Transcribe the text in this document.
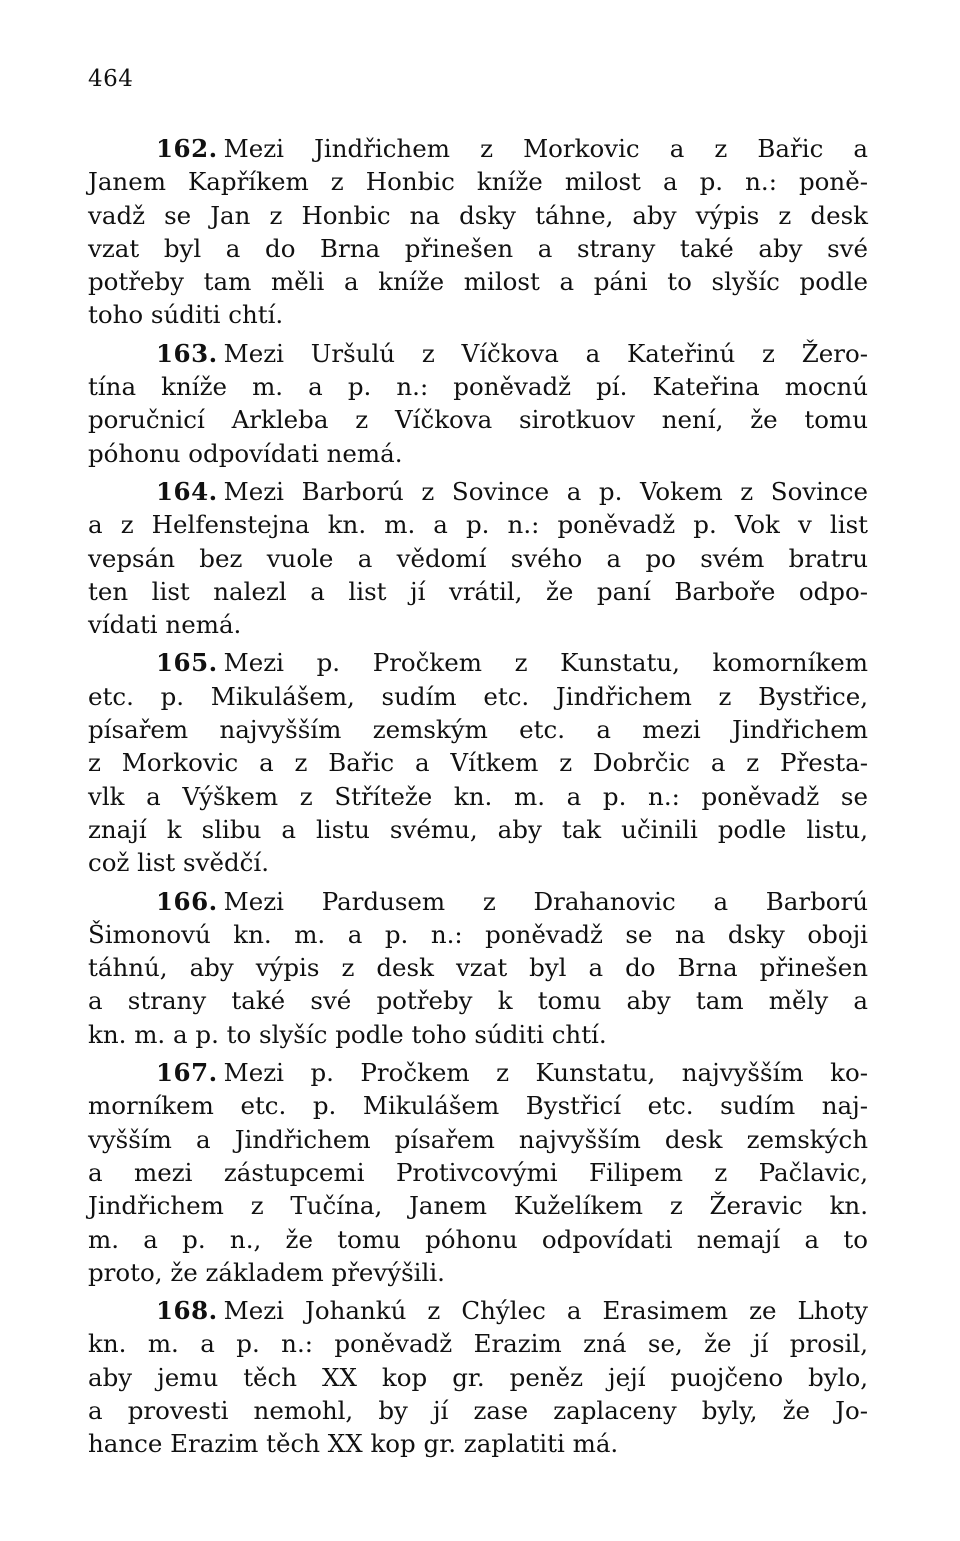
464
162. Mezi Jindřichem z Morkovic a z Bařic a
Janem Kapříkem z Honbic kníže milost a p. n.: poně-
vadž se Jan z Honbic na dsky táhne, aby výpis z desk
vzat byl a do Brna přinešen a strany také aby své
potřeby tam měli a kníže milost a páni to slyšíc podle
toho súditi chtí.
163. Mezi Uršulú z Víčkova a Kateřinú z Žero-
tína kníže m. a p. n.: poněvadž pí. Kateřina mocnú
poručnicí Arkleba z Víčkova sirotkuov není, že tomu
póhonu odpovídati nemá.
164. Mezi Barború z Sovince a p. Vokem z Sovince
a z Helfenstejna kn. m. a p. n.: poněvadž p. Vok v list
vepsán bez vuole a vědomí svého a po svém bratru
ten list nalezl a list jí vrátil, že paní Barboře odpo-
vídati nemá.
165. Mezi p. Pročkem z Kunstatu, komorníkem
etc. p. Mikulášem, sudím etc. Jindřichem z Bystřice,
písařem najvyšším zemským etc. a mezi Jindřichem
z Morkovic a z Bařic a Vítkem z Dobrčic a z Přesta-
vlk a Výškem z Stříteže kn. m. a p. n.: poněvadž se
znají k slibu a listu svému, aby tak učinili podle listu,
což list svědčí.
166. Mezi Pardusem z Drahanovic a Barború
Šimonovú kn. m. a p. n.: poněvadž se na dsky oboji
táhnú, aby výpis z desk vzat byl a do Brna přinešen
a strany také své potřeby k tomu aby tam měly a
kn. m. a p. to slyšíc podle toho súditi chtí.
167. Mezi p. Pročkem z Kunstatu, najvyšším ko-
morníkem etc. p. Mikulášem Bystřicí etc. sudím naj-
vyšším a Jindřichem písařem najvyšším desk zemských
a mezi zástupcemi Protivcovými Filipem z Pačlavic,
Jindřichem z Tučína, Janem Kuželíkem z Žeravic kn.
m. a p. n., že tomu póhonu odpovídati nemají a to
proto, že základem převýšili.
168. Mezi Johankú z Chýlec a Erasimem ze Lhoty
kn. m. a p. n.: poněvadž Erazim zná se, že jí prosil,
aby jemu těch XX kop gr. peněz její puojčeno bylo,
a provesti nemohl, by jí zase zaplaceny byly, že Jo-
hance Erazim těch XX kop gr. zaplatiti má.
